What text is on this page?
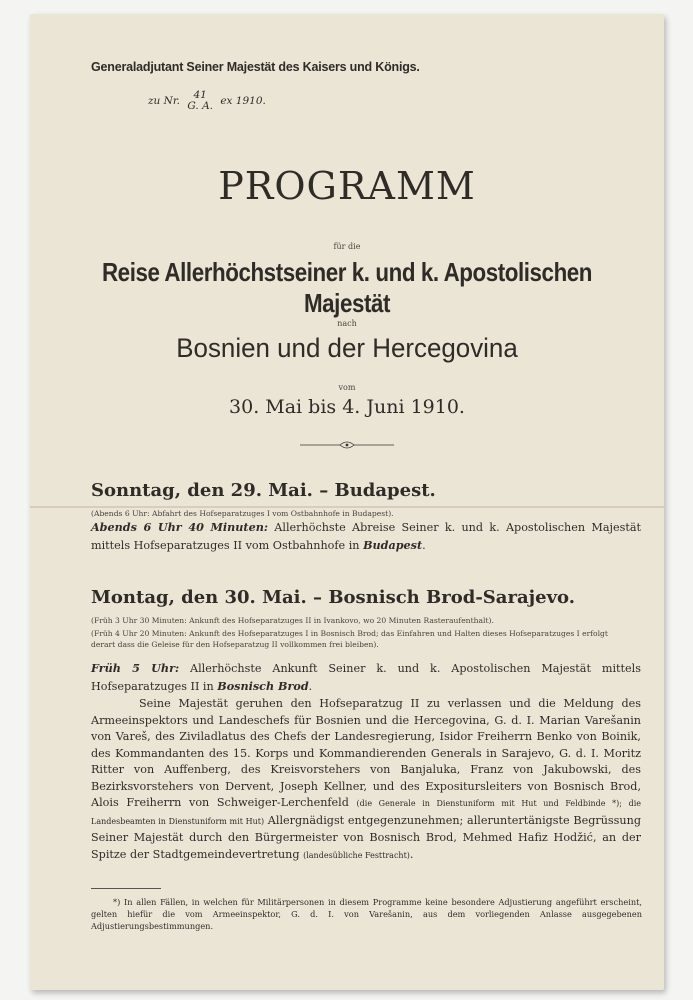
Generaladjutant Seiner Majestät des Kaisers und Königs.

zu Nr. 41
G. A. ex 1910.

PROGRAMM

für die

Reise Allerhöchstseiner k. und k. Apostolischen Majestät

nach

Bosnien und der Hercegovina

vom

30. Mai bis 4. Juni 1910.

Sonntag, den 29. Mai. – Budapest.

(Abends 6 Uhr: Abfahrt des Hofseparatzuges I vom Ostbahnhofe in Budapest).

Abends 6 Uhr 40 Minuten: Allerhöchste Abreise Seiner k. und k. Apostolischen Majestät mittels Hofseparatzuges II vom Ostbahnhofe in Budapest.

Montag, den 30. Mai. – Bosnisch Brod-Sarajevo.

(Früh 3 Uhr 30 Minuten: Ankunft des Hofseparatzuges II in Ivankovo, wo 20 Minuten Rasteraufenthalt).

(Früh 4 Uhr 20 Minuten: Ankunft des Hofseparatzuges I in Bosnisch Brod; das Einfahren und Halten dieses Hofseparatzuges I erfolgt derart dass die Geleise für den Hofseparatzug II vollkommen frei bleiben).

Früh 5 Uhr: Allerhöchste Ankunft Seiner k. und k. Apostolischen Majestät mittels Hofseparatzuges II in Bosnisch Brod.

Seine Majestät geruhen den Hofseparatzug II zu verlassen und die Meldung des Armeeinspektors und Landeschefs für Bosnien und die Hercegovina, G. d. I. Marian Varešanin von Vareš, des Ziviladlatus des Chefs der Landesregierung, Isidor Freiherrn Benko von Boinik, des Kommandanten des 15. Korps und Kommandierenden Generals in Sarajevo, G. d. I. Moritz Ritter von Auffenberg, des Kreisvorstehers von Banjaluka, Franz von Jakubowski, des Bezirksvorstehers von Dervent, Joseph Kellner, und des Expositursleiters von Bosnisch Brod, Alois Freiherrn von Schweiger-Lerchenfeld (die Generale in Dienstuniform mit Hut und Feldbinde *); die Landesbeamten in Dienstuniform mit Hut) Allergnädigst entgegenzunehmen; alleruntertänigste Begrüssung Seiner Majestät durch den Bürgermeister von Bosnisch Brod, Mehmed Hafiz Hodžić, an der Spitze der Stadtgemeindevertretung (landesübliche Festtracht).

*) In allen Fällen, in welchen für Militärpersonen in diesem Programme keine besondere Adjustierung angeführt erscheint, gelten hiefür die vom Armeeinspektor, G. d. I. von Varešanin, aus dem vorliegenden Anlasse ausgegebenen Adjustierungsbestimmungen.
